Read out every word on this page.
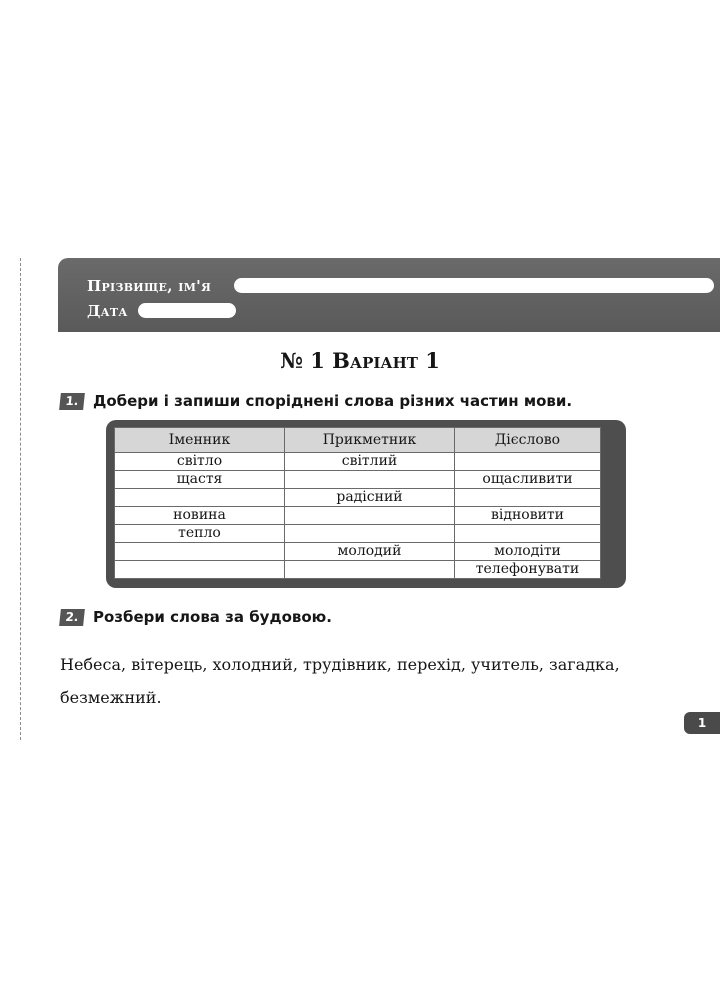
Прізвище, ім'я
Дата
№ 1 Варіант 1
1. Добери і запиши споріднені слова різних частин мови.
Іменник	Прикметник	Дієслово
світло	світлий	
щастя		ощасливити
	радісний	
новина		відновити
тепло		
	молодий	молодіти
		телефонувати
2. Розбери слова за будовою.
Небеса, вітерець, холодний, трудівник, перехід, учитель, загадка, безмежний.
1
